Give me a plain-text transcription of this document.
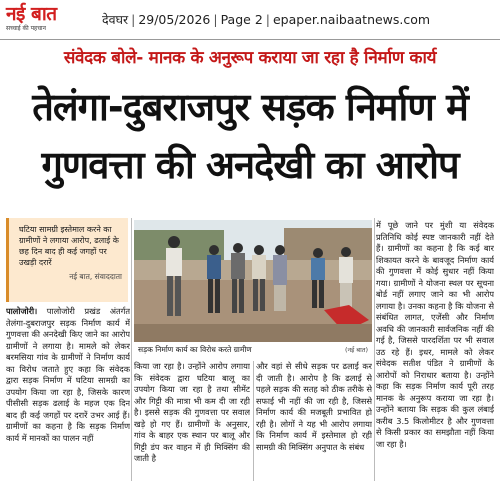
नई बात
सच्चाई की पहचान
देवघर | 29/05/2026 | Page 2 | epaper.naibaatnews.com
संवेदक बोले- मानक के अनुरूप कराया जा रहा है निर्माण कार्य
तेलंगा-दुबराजपुर सड़क निर्माण में गुणवत्ता की अनदेखी का आरोप
घटिया सामग्री इस्तेमाल करने का ग्रामीणों ने लगाया आरोप, ढलाई के छह दिन बाद ही कई जगहों पर उखड़ी दरारें
नई बात, संवाददाता
सड़क निर्माण कार्य का विरोध करते ग्रामीण	(नई बात)

पालोजोरी। पालोजोरी प्रखंड अंतर्गत तेलंगा-दुबराजपुर सड़क निर्माण कार्य में गुणवत्ता की अनदेखी किए जाने का आरोप ग्रामीणों ने लगाया है। मामले को लेकर बरमसिया गांव के ग्रामीणों ने निर्माण कार्य का विरोध जताते हुए कहा कि संवेदक द्वारा सड़क निर्माण में घटिया सामग्री का उपयोग किया जा रहा है, जिसके कारण पीसीसी सड़क ढलाई के महज एक दिन बाद ही कई जगहों पर दरारें उभर आई हैं। ग्रामीणों का कहना है कि सड़क निर्माण कार्य में मानकों का पालन नहीं

किया जा रहा है। उन्होंने आरोप लगाया कि संवेदक द्वारा घटिया बालू का उपयोग किया जा रहा है तथा सीमेंट और गिट्टी की मात्रा भी कम दी जा रही है। इससे सड़क की गुणवत्ता पर सवाल खड़े हो गए हैं। ग्रामीणों के अनुसार, गांव के बाहर एक स्थान पर बालू और गिट्टी डंप कर वाहन में ही मिक्सिंग की जाती है

और वहां से सीधे सड़क पर ढलाई कर दी जाती है। आरोप है कि ढलाई से पहले सड़क की सतह को ठीक तरीके से सफाई भी नहीं की जा रही है, जिससे निर्माण कार्य की मजबूती प्रभावित हो रही है। लोगों ने यह भी आरोप लगाया कि निर्माण कार्य में इस्तेमाल हो रही सामग्री की मिक्सिंग अनुपात के संबंध

में पूछे जाने पर मुंशी या संवेदक प्रतिनिधि कोई स्पष्ट जानकारी नहीं देते हैं। ग्रामीणों का कहना है कि कई बार शिकायत करने के बावजूद निर्माण कार्य की गुणवत्ता में कोई सुधार नहीं किया गया। ग्रामीणों ने योजना स्थल पर सूचना बोर्ड नहीं लगाए जाने का भी आरोप लगाया है। उनका कहना है कि योजना से संबंधित लागत, एजेंसी और निर्माण अवधि की जानकारी सार्वजनिक नहीं की गई है, जिससे पारदर्शिता पर भी सवाल उठ रहे हैं। इधर, मामले को लेकर संवेदक सतीश पंडित ने ग्रामीणों के आरोपों को निराधार बताया है। उन्होंने कहा कि सड़क निर्माण कार्य पूरी तरह मानक के अनुरूप कराया जा रहा है। उन्होंने बताया कि सड़क की कुल लंबाई करीब 3.5 किलोमीटर है और गुणवत्ता से किसी प्रकार का समझौता नहीं किया जा रहा है।
